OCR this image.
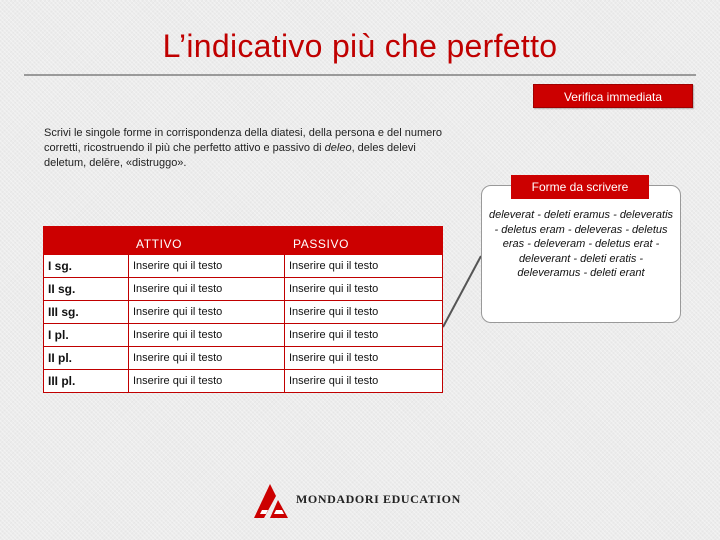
L’indicativo più che perfetto
Verifica immediata
Scrivi le singole forme in corrispondenza della diatesi, della persona e del numero corretti, ricostruendo il più che perfetto attivo e passivo di deleo, deles delevi deletum, delēre, «distruggo».
Forme da scrivere
deleverat - deleti eramus - deleveratis - deletus eram - deleveras - deletus eras - deleveram - deletus erat - deleverant - deleti eratis - deleveramus - deleti erant
	ATTIVO	PASSIVO
I sg.	Inserire qui il testo	Inserire qui il testo
II sg.	Inserire qui il testo	Inserire qui il testo
III sg.	Inserire qui il testo	Inserire qui il testo
I pl.	Inserire qui il testo	Inserire qui il testo
II pl.	Inserire qui il testo	Inserire qui il testo
III pl.	Inserire qui il testo	Inserire qui il testo
MONDADORI EDUCATION
